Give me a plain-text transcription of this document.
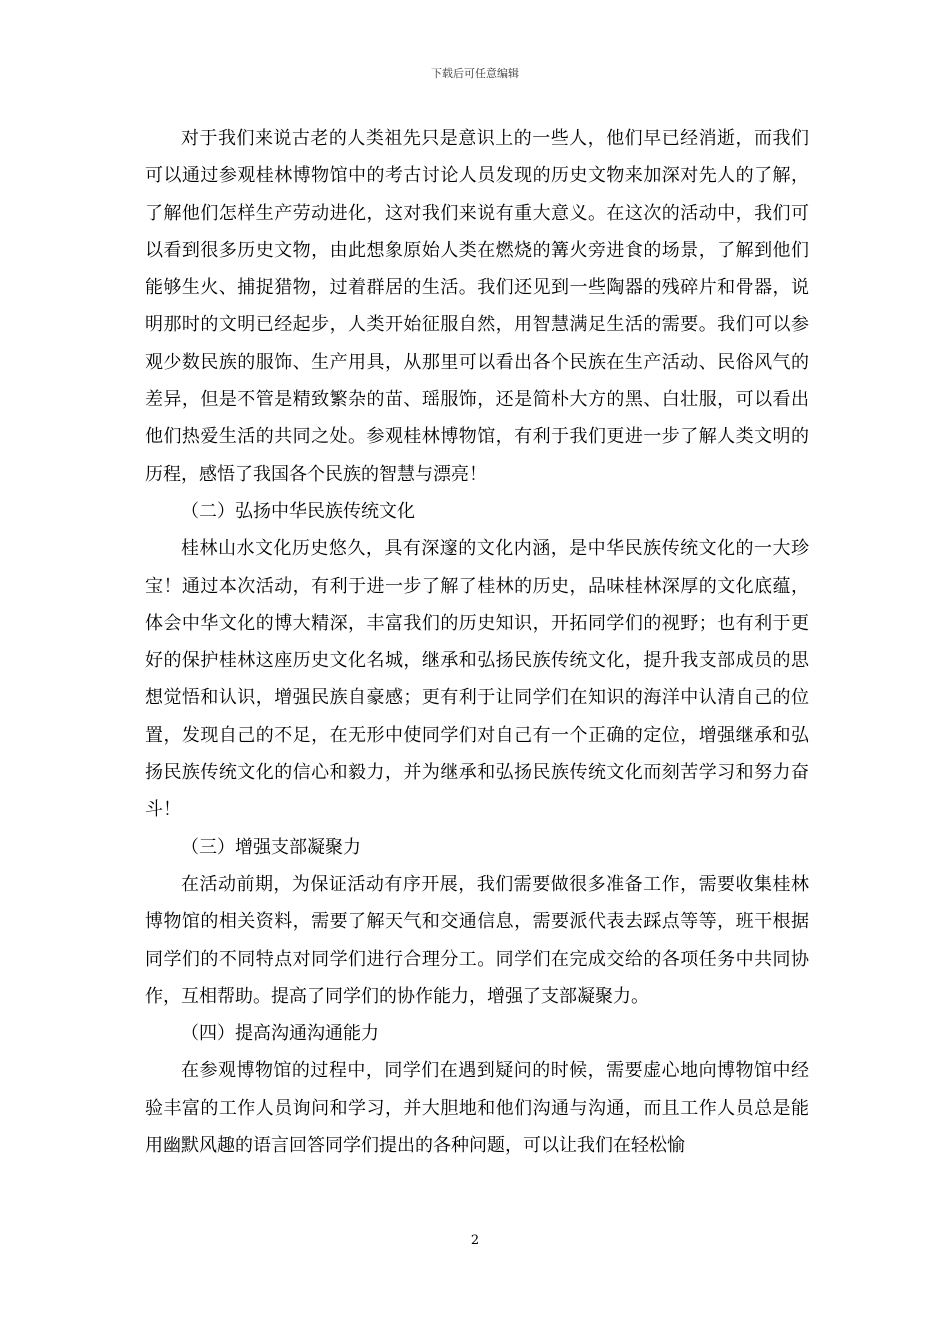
下载后可任意编辑

对于我们来说古老的人类祖先只是意识上的一些人，他们早已经消逝，而我们可以通过参观桂林博物馆中的考古讨论人员发现的历史文物来加深对先人的了解，了解他们怎样生产劳动进化，这对我们来说有重大意义。在这次的活动中，我们可以看到很多历史文物，由此想象原始人类在燃烧的篝火旁进食的场景，了解到他们能够生火、捕捉猎物，过着群居的生活。我们还见到一些陶器的残碎片和骨器，说明那时的文明已经起步，人类开始征服自然，用智慧满足生活的需要。我们可以参观少数民族的服饰、生产用具，从那里可以看出各个民族在生产活动、民俗风气的差异，但是不管是精致繁杂的苗、瑶服饰，还是简朴大方的黑、白壮服，可以看出他们热爱生活的共同之处。参观桂林博物馆，有利于我们更进一步了解人类文明的历程，感悟了我国各个民族的智慧与漂亮！

（二）弘扬中华民族传统文化

桂林山水文化历史悠久，具有深邃的文化内涵，是中华民族传统文化的一大珍宝！通过本次活动，有利于进一步了解了桂林的历史，品味桂林深厚的文化底蕴，体会中华文化的博大精深，丰富我们的历史知识，开拓同学们的视野；也有利于更好的保护桂林这座历史文化名城，继承和弘扬民族传统文化，提升我支部成员的思想觉悟和认识，增强民族自豪感；更有利于让同学们在知识的海洋中认清自己的位置，发现自己的不足，在无形中使同学们对自己有一个正确的定位，增强继承和弘扬民族传统文化的信心和毅力，并为继承和弘扬民族传统文化而刻苦学习和努力奋斗！

（三）增强支部凝聚力

在活动前期，为保证活动有序开展，我们需要做很多准备工作，需要收集桂林博物馆的相关资料，需要了解天气和交通信息，需要派代表去踩点等等，班干根据同学们的不同特点对同学们进行合理分工。同学们在完成交给的各项任务中共同协作，互相帮助。提高了同学们的协作能力，增强了支部凝聚力。

（四）提高沟通沟通能力

在参观博物馆的过程中，同学们在遇到疑问的时候，需要虚心地向博物馆中经验丰富的工作人员询问和学习，并大胆地和他们沟通与沟通，而且工作人员总是能用幽默风趣的语言回答同学们提出的各种问题，可以让我们在轻松愉

2
